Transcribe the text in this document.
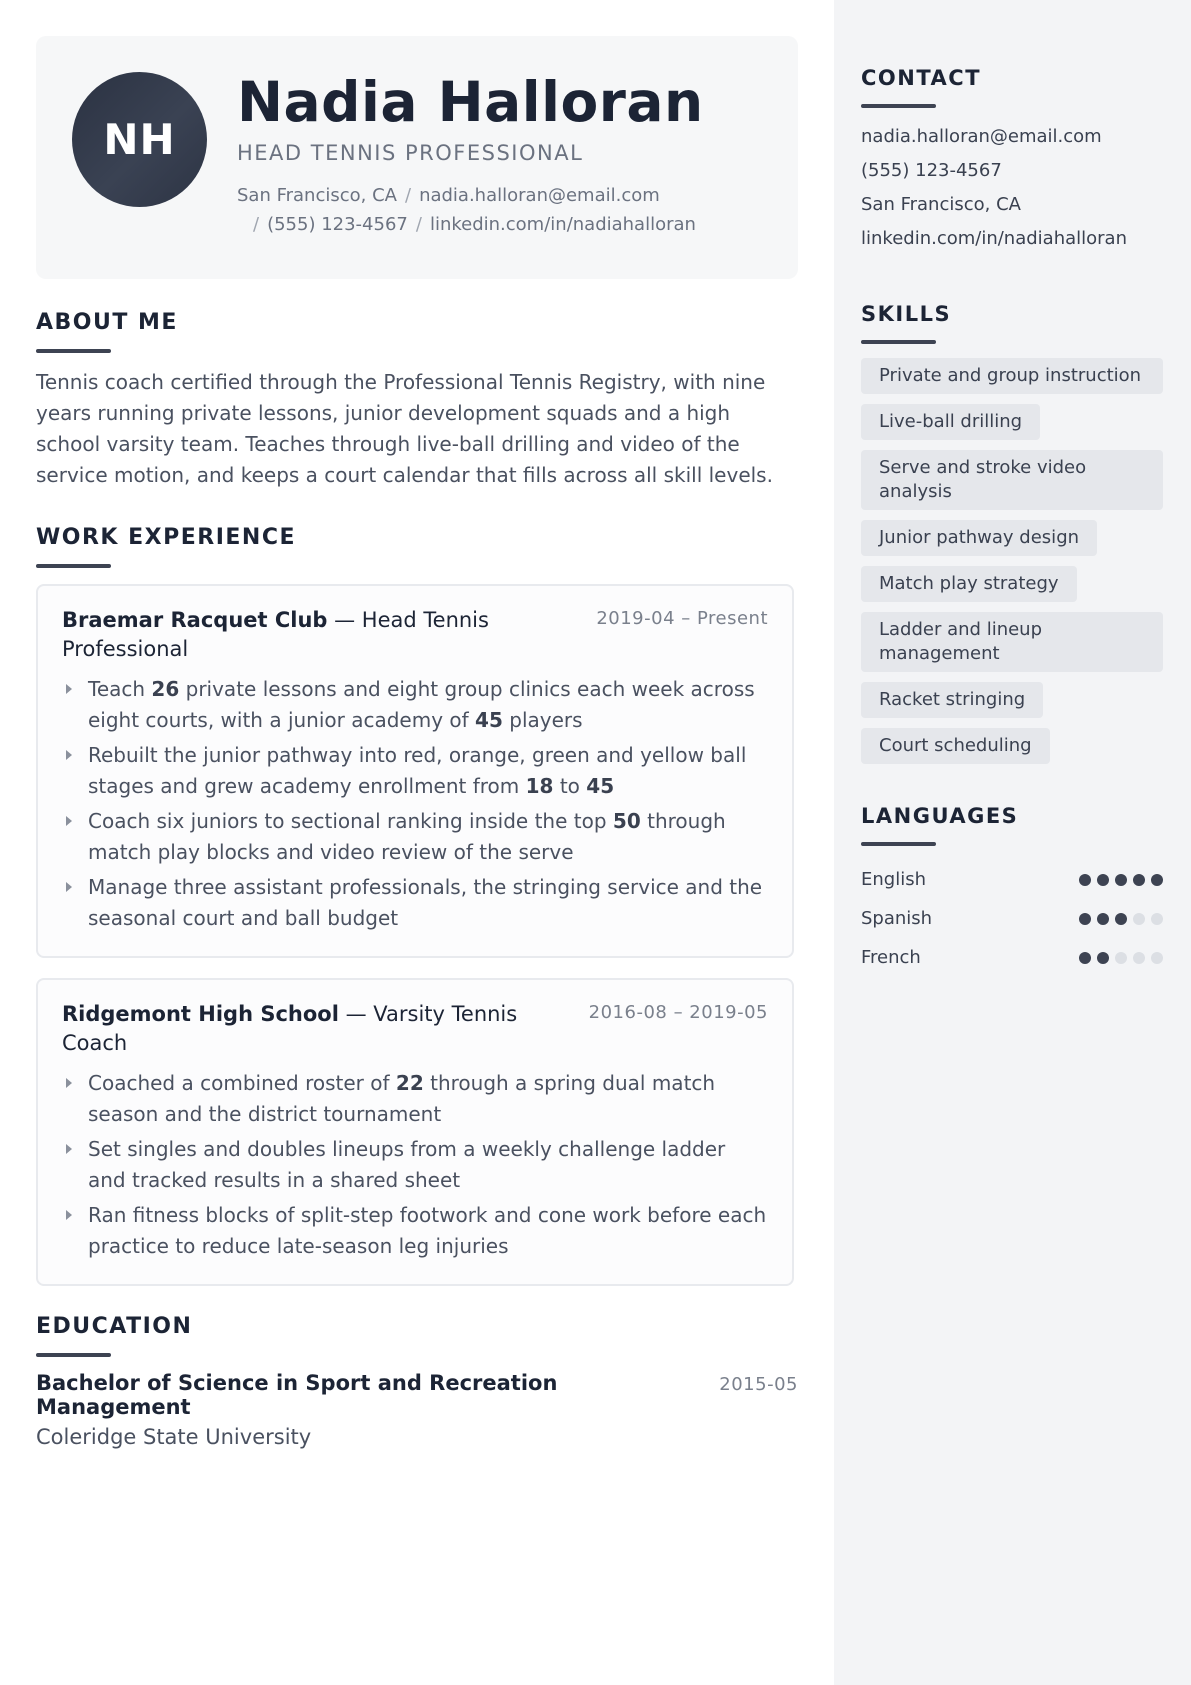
NH
Nadia Halloran
HEAD TENNIS PROFESSIONAL
San Francisco, CA / nadia.halloran@email.com
/ (555) 123-4567 / linkedin.com/in/nadiahalloran
ABOUT ME
Tennis coach certified through the Professional Tennis Registry, with nine years running private lessons, junior development squads and a high school varsity team. Teaches through live-ball drilling and video of the service motion, and keeps a court calendar that fills across all skill levels.
WORK EXPERIENCE
Braemar Racquet Club — Head Tennis Professional
2019-04 – Present
Teach 26 private lessons and eight group clinics each week across eight courts, with a junior academy of 45 players
Rebuilt the junior pathway into red, orange, green and yellow ball stages and grew academy enrollment from 18 to 45
Coach six juniors to sectional ranking inside the top 50 through match play blocks and video review of the serve
Manage three assistant professionals, the stringing service and the seasonal court and ball budget
Ridgemont High School — Varsity Tennis Coach
2016-08 – 2019-05
Coached a combined roster of 22 through a spring dual match season and the district tournament
Set singles and doubles lineups from a weekly challenge ladder and tracked results in a shared sheet
Ran fitness blocks of split-step footwork and cone work before each practice to reduce late-season leg injuries
EDUCATION
Bachelor of Science in Sport and Recreation Management
2015-05
Coleridge State University
CONTACT
nadia.halloran@email.com
(555) 123-4567
San Francisco, CA
linkedin.com/in/nadiahalloran
SKILLS
Private and group instruction
Live-ball drilling
Serve and stroke video analysis
Junior pathway design
Match play strategy
Ladder and lineup management
Racket stringing
Court scheduling
LANGUAGES
English
Spanish
French
